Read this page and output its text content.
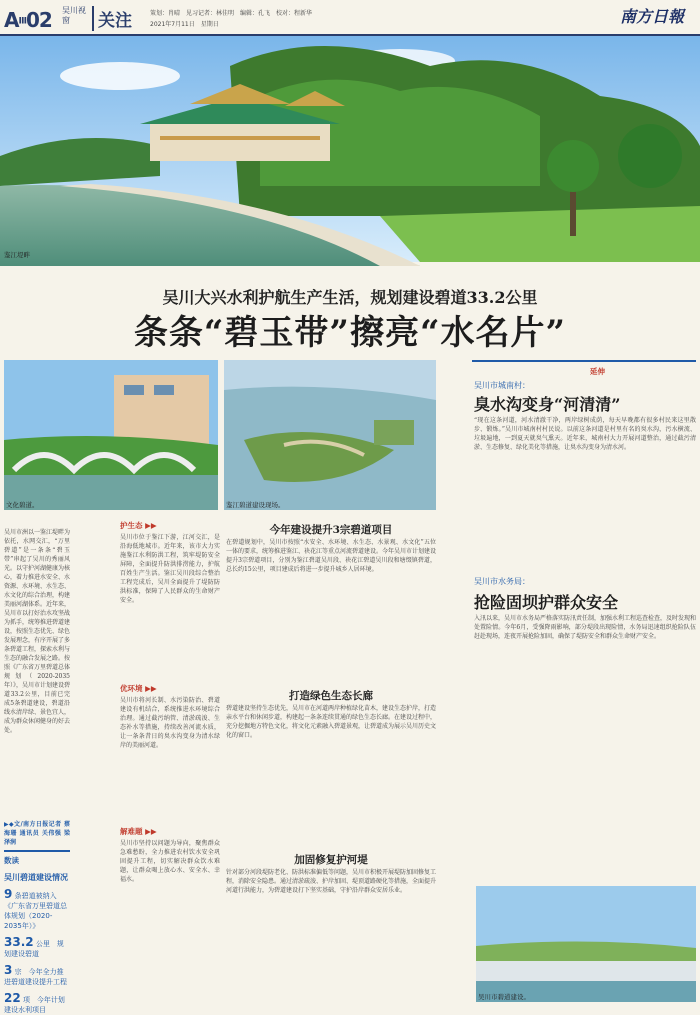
AⅢ02 吴川视窗	关注	策划：肖晴　见习记者：林佳明　编辑：孔飞　校对：程新华
2021年7月11日　星期日	南方日報
鉴江堤畔
吴川大兴水利护航生产生活，规划建设碧道33.2公里
条条“碧玉带”擦亮“水名片”
文化碧道。	鉴江碧道建设现场。
吴川市洲以一鉴江堤畔为依托，水网交汇，“万里碧道”是一条条“碧玉带”串起了吴川的秀丽风光。以守护河湖健康为核心，着力推进水安全、水资源、水环境、水生态、水文化的综合治理，构建美丽河湖体系。近年来，吴川市以打好治水攻坚战为抓手，统筹推进碧道建设，按照生态优先、绿色发展理念，有序开展了多条碧道工程，探索水利与生态的融合发展之路。按照《广东省万里碧道总体规划（2020-2035年）》，吴川市计划建设碧道33.2公里，目前已完成5条碧道建设，碧道沿线水清岸绿、景色宜人，成为群众休闲健身的好去处。
▶◆文/南方日报记者 蔡海珊 通讯员 关伟强 梁泽润
数读
吴川碧道建设情况
9 条碧道被纳入《广东省万里碧道总体规划（2020-2035年）》
33.2 公里　规划建设碧道
3 宗　今年全力推进碧道建设提升工程
22 项　今年计划建设水利项目
护生态 ▶▶
吴川市位于鉴江下游，江河交汇，是沿海低地城市。近年来，该市大力实施鉴江水利防洪工程，筑牢堤防安全屏障，全面提升防洪排涝能力，护航百姓生产生活。鉴江吴川段综合整治工程完成后，吴川全面提升了堤防防洪标准，保障了人民群众的生命财产安全。
优环境 ▶▶
吴川市将河长制、水污染防治、碧道建设有机结合，系统推进水环境综合治理。通过截污纳管、清淤疏浚、生态补水等措施，持续改善河流水质，让一条条昔日的臭水沟变身为清水绿岸的美丽河道。
解难题 ▶▶
吴川市坚持以问题为导向，聚焦群众急难愁盼，全力推进农村饮水安全巩固提升工程，切实解决群众饮水难题，让群众喝上放心水、安全水、幸福水。
今年建设提升3宗碧道项目
在碧道规划中，吴川市按照“水安全、水环境、水生态、水景观、水文化”五位一体的要求，统筹推进鉴江、袂花江等重点河流碧道建设。今年吴川市计划建设提升3宗碧道项目，分别为鉴江碧道吴川段、袂花江碧道吴川段和塘缀镇碧道，总长约15公里，项目建成后将进一步提升城乡人居环境。
打造绿色生态长廊
碧道建设坚持生态优先，吴川市在河道两岸种植绿化苗木，建设生态护岸，打造亲水平台和休闲步道，构建起一条条连续贯通的绿色生态长廊。在建设过程中，充分挖掘地方特色文化，将文化元素融入碧道景观，让碧道成为展示吴川历史文化的窗口。
加固修复护河堤
针对部分河段堤防老化、防洪标准偏低等问题，吴川市积极开展堤防加固修复工程，消除安全隐患。通过清淤疏浚、护岸加固、堤顶道路硬化等措施，全面提升河道行洪能力，为碧道建设打下坚实基础，守护沿岸群众安居乐业。
延伸
吴川市城南村：
臭水沟变身“河清清”
“现在这条河道，河水清澈干净，两岸绿树成荫，每天早晚都有很多村民来这里散步、锻炼。”吴川市城南村村民说。以前这条河道是村里有名的臭水沟，污水横流、垃圾遍地，一到夏天就臭气熏天。近年来，城南村大力开展河道整治，通过截污清淤、生态修复、绿化美化等措施，让臭水沟变身为清水河。
吴川市水务局：
抢险固坝护群众安全
入汛以来，吴川市水务局严格落实防汛责任制，加强水利工程巡查检查，及时发现和处置险情。今年6月，受强降雨影响，部分堤段出现险情，水务局迅速组织抢险队伍赶赴现场，连夜开展抢险加固，确保了堤防安全和群众生命财产安全。
吴川市碧道建设。
